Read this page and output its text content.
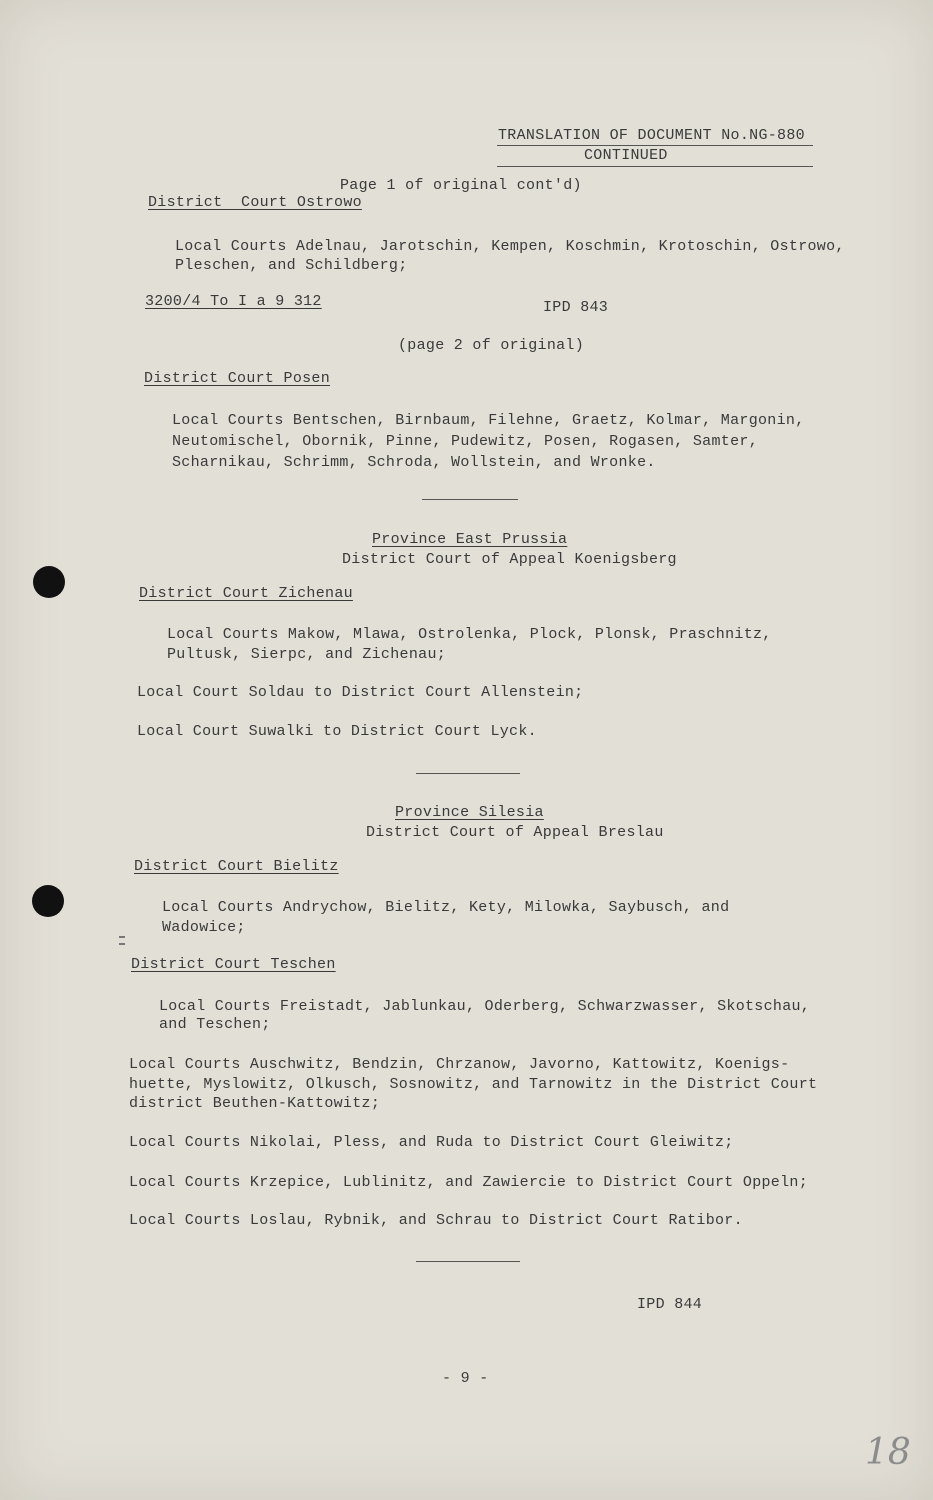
TRANSLATION OF DOCUMENT No.NG-880
CONTINUED
Page 1 of original cont'd)
District  Court Ostrowo
Local Courts Adelnau, Jarotschin, Kempen, Koschmin, Krotoschin, Ostrowo,
Pleschen, and Schildberg;
3200/4 To I a 9 312	IPD 843
(page 2 of original)
District Court Posen
Local Courts Bentschen, Birnbaum, Filehne, Graetz, Kolmar, Margonin,
Neutomischel, Obornik, Pinne, Pudewitz, Posen, Rogasen, Samter,
Scharnikau, Schrimm, Schroda, Wollstein, and Wronke.
Province East Prussia
District Court of Appeal Koenigsberg
District Court Zichenau
Local Courts Makow, Mlawa, Ostrolenka, Plock, Plonsk, Praschnitz,
Pultusk, Sierpc, and Zichenau;
Local Court Soldau to District Court Allenstein;
Local Court Suwalki to District Court Lyck.
Province Silesia
District Court of Appeal Breslau
District Court Bielitz
Local Courts Andrychow, Bielitz, Kety, Milowka, Saybusch, and
Wadowice;
District Court Teschen
Local Courts Freistadt, Jablunkau, Oderberg, Schwarzwasser, Skotschau,
and Teschen;
Local Courts Auschwitz, Bendzin, Chrzanow, Javorno, Kattowitz, Koenigs-
huette, Myslowitz, Olkusch, Sosnowitz, and Tarnowitz in the District Court
district Beuthen-Kattowitz;
Local Courts Nikolai, Pless, and Ruda to District Court Gleiwitz;
Local Courts Krzepice, Lublinitz, and Zawiercie to District Court Oppeln;
Local Courts Loslau, Rybnik, and Schrau to District Court Ratibor.
IPD 844
- 9 -
18
